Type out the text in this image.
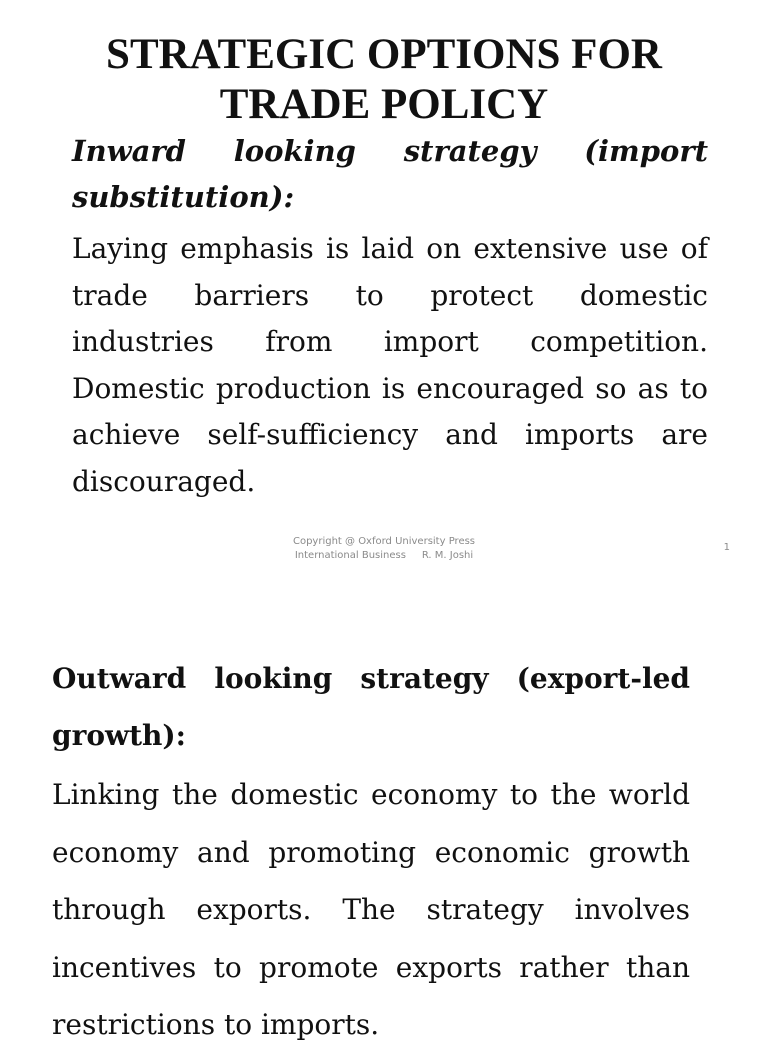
STRATEGIC OPTIONS FOR TRADE POLICY

Inward looking strategy (import substitution):

Laying emphasis is laid on extensive use of trade barriers to protect domestic industries from import competition. Domestic production is encouraged so as to achieve self-sufficiency and imports are discouraged.

Copyright @ Oxford University Press
International Business     R. M. Joshi
1

Outward looking strategy (export-led growth):

Linking the domestic economy to the world economy and promoting economic growth through exports. The strategy involves incentives to promote exports rather than restrictions to imports.
